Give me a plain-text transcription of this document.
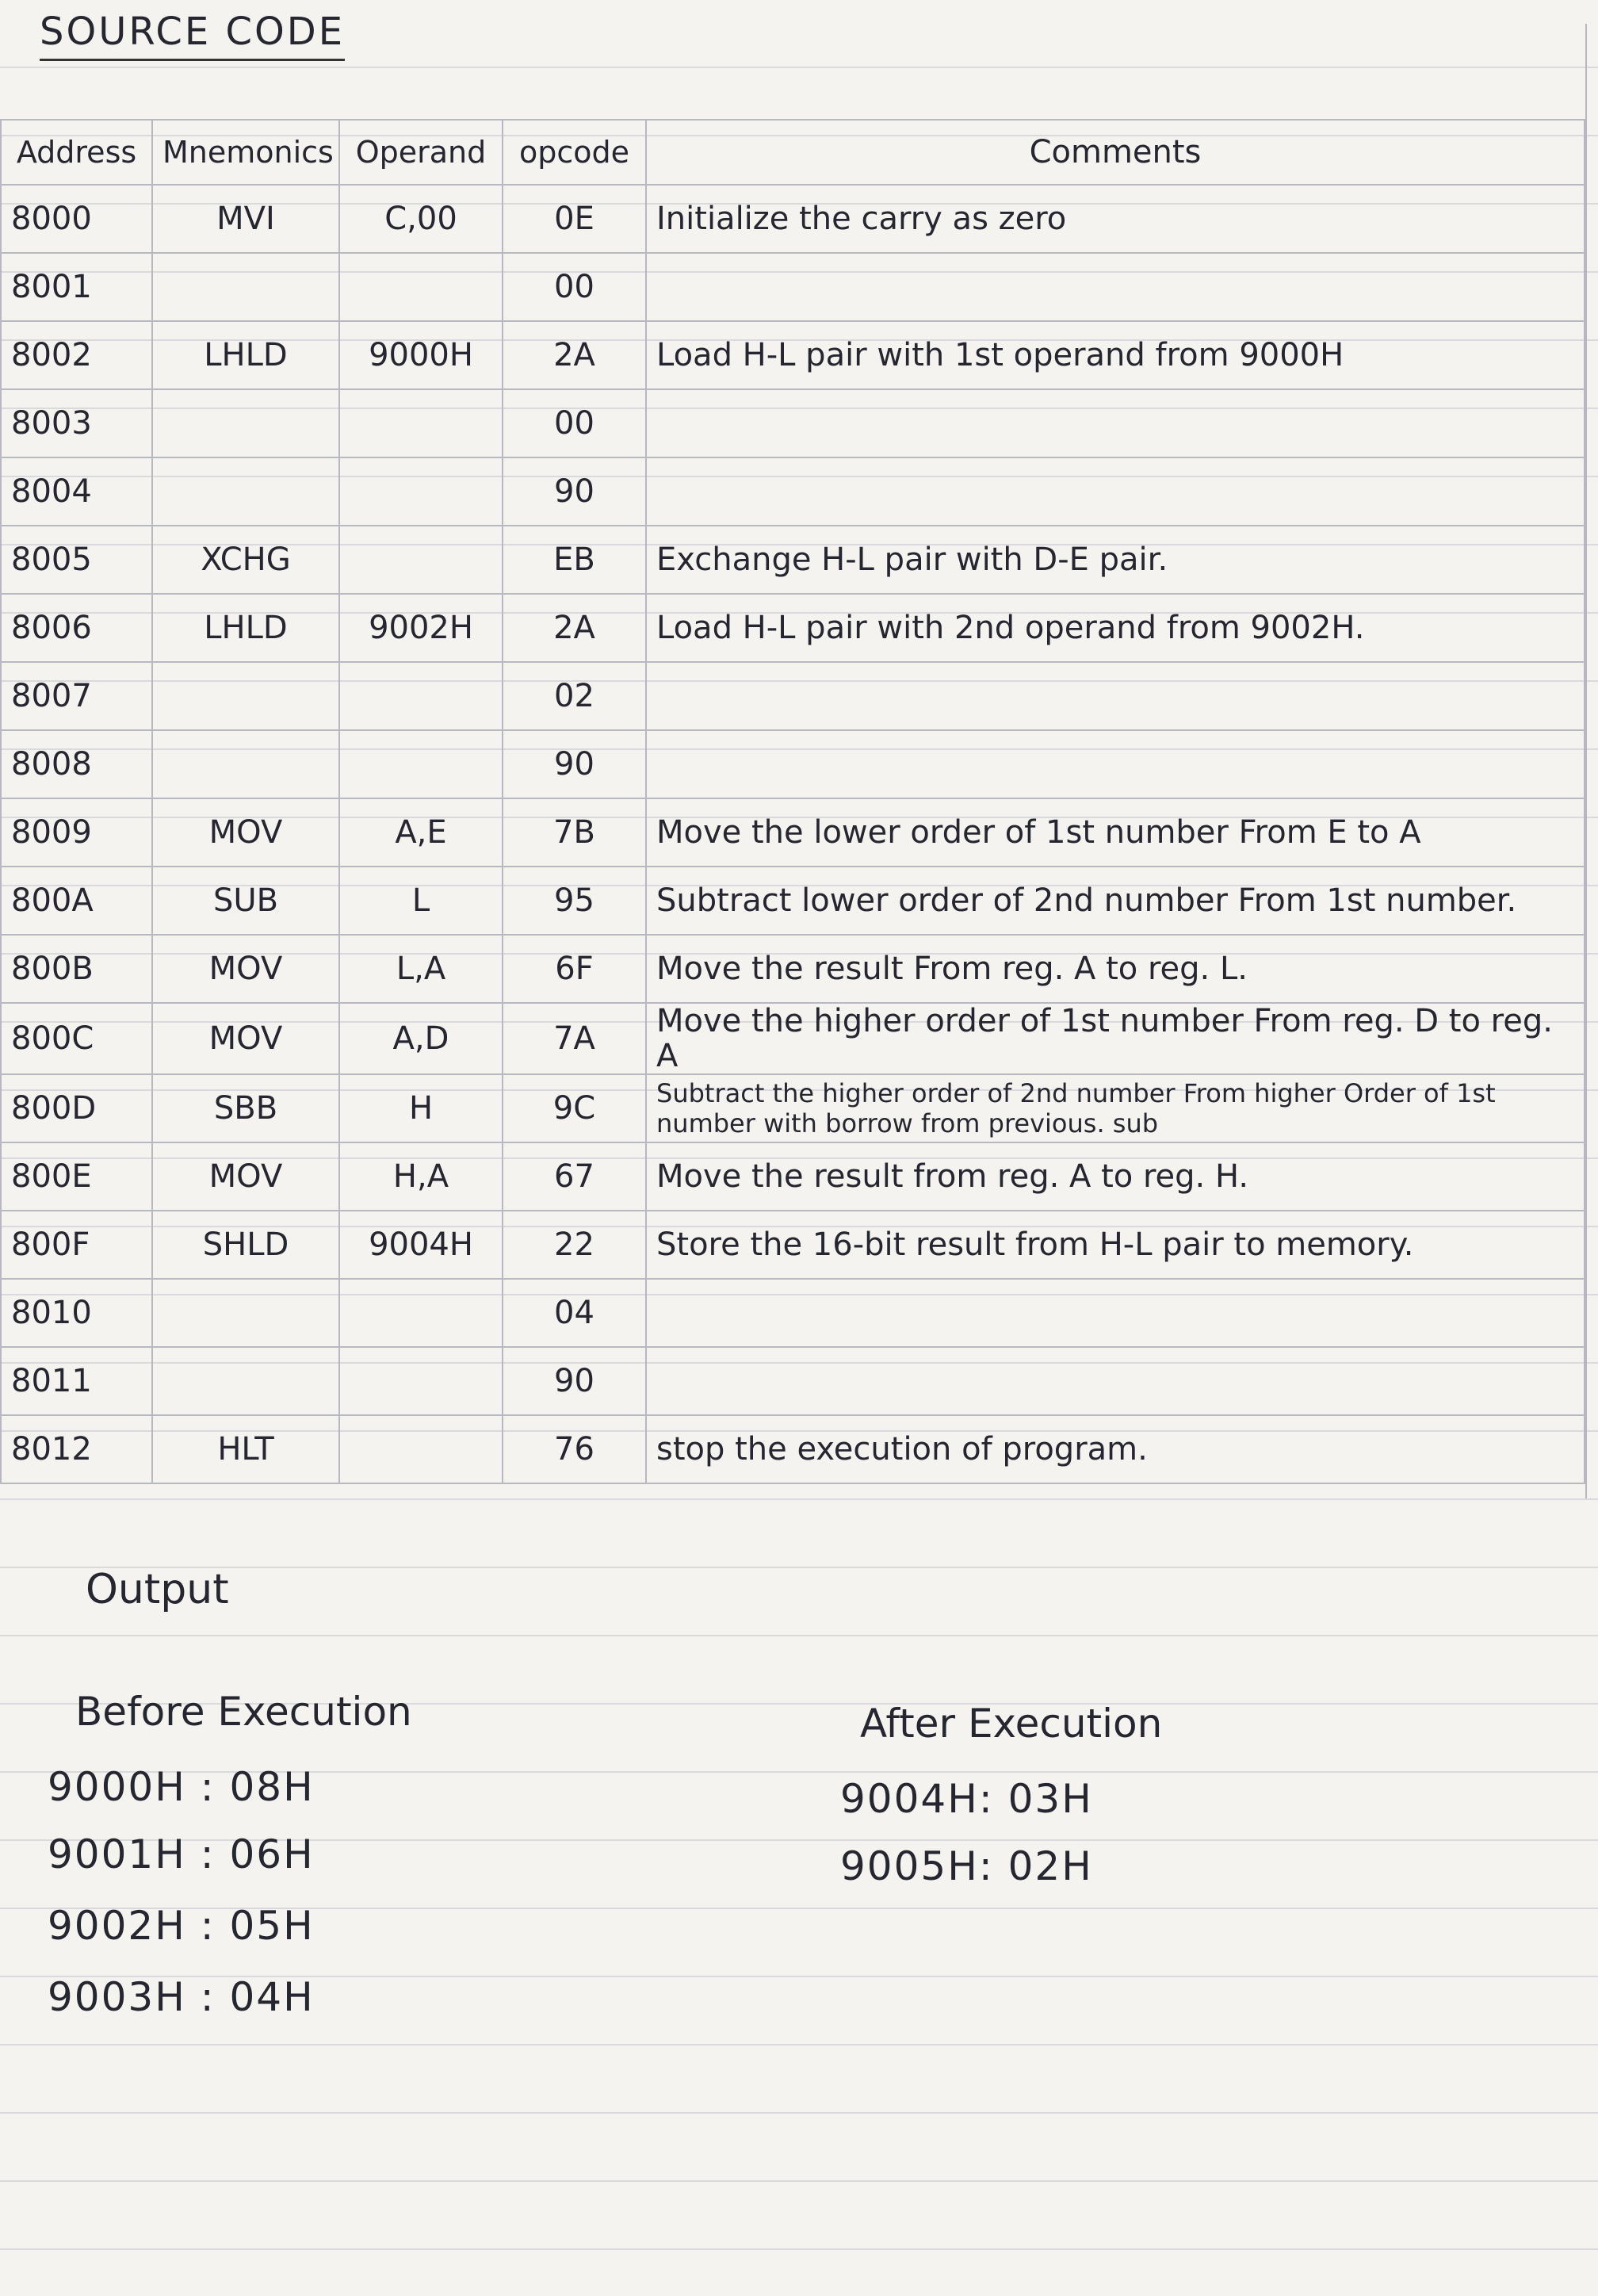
SOURCE CODE
Address	Mnemonics	Operand	opcode	Comments
8000	MVI	C,00	0E	Initialize the carry as zero
8001			00	
8002	LHLD	9000H	2A	Load H-L pair with 1st operand from 9000H
8003			00	
8004			90	
8005	XCHG		EB	Exchange H-L pair with D-E pair.
8006	LHLD	9002H	2A	Load H-L pair with 2nd operand from 9002H.
8007			02	
8008			90	
8009	MOV	A,E	7B	Move the lower order of 1st number From E to A
800A	SUB	L	95	Subtract lower order of 2nd number From 1st number.
800B	MOV	L,A	6F	Move the result From reg. A to reg. L.
800C	MOV	A,D	7A	Move the higher order of 1st number From reg. D to reg. A
800D	SBB	H	9C	Subtract the higher order of 2nd number From higher Order of 1st number with borrow from previous. sub
800E	MOV	H,A	67	Move the result from reg. A to reg. H.
800F	SHLD	9004H	22	Store the 16-bit result from H-L pair to memory.
8010			04	
8011			90	
8012	HLT		76	stop the execution of program.
Output
Before Execution
9000H : 08H
9001H : 06H
9002H : 05H
9003H : 04H
After Execution
9004H: 03H
9005H: 02H
